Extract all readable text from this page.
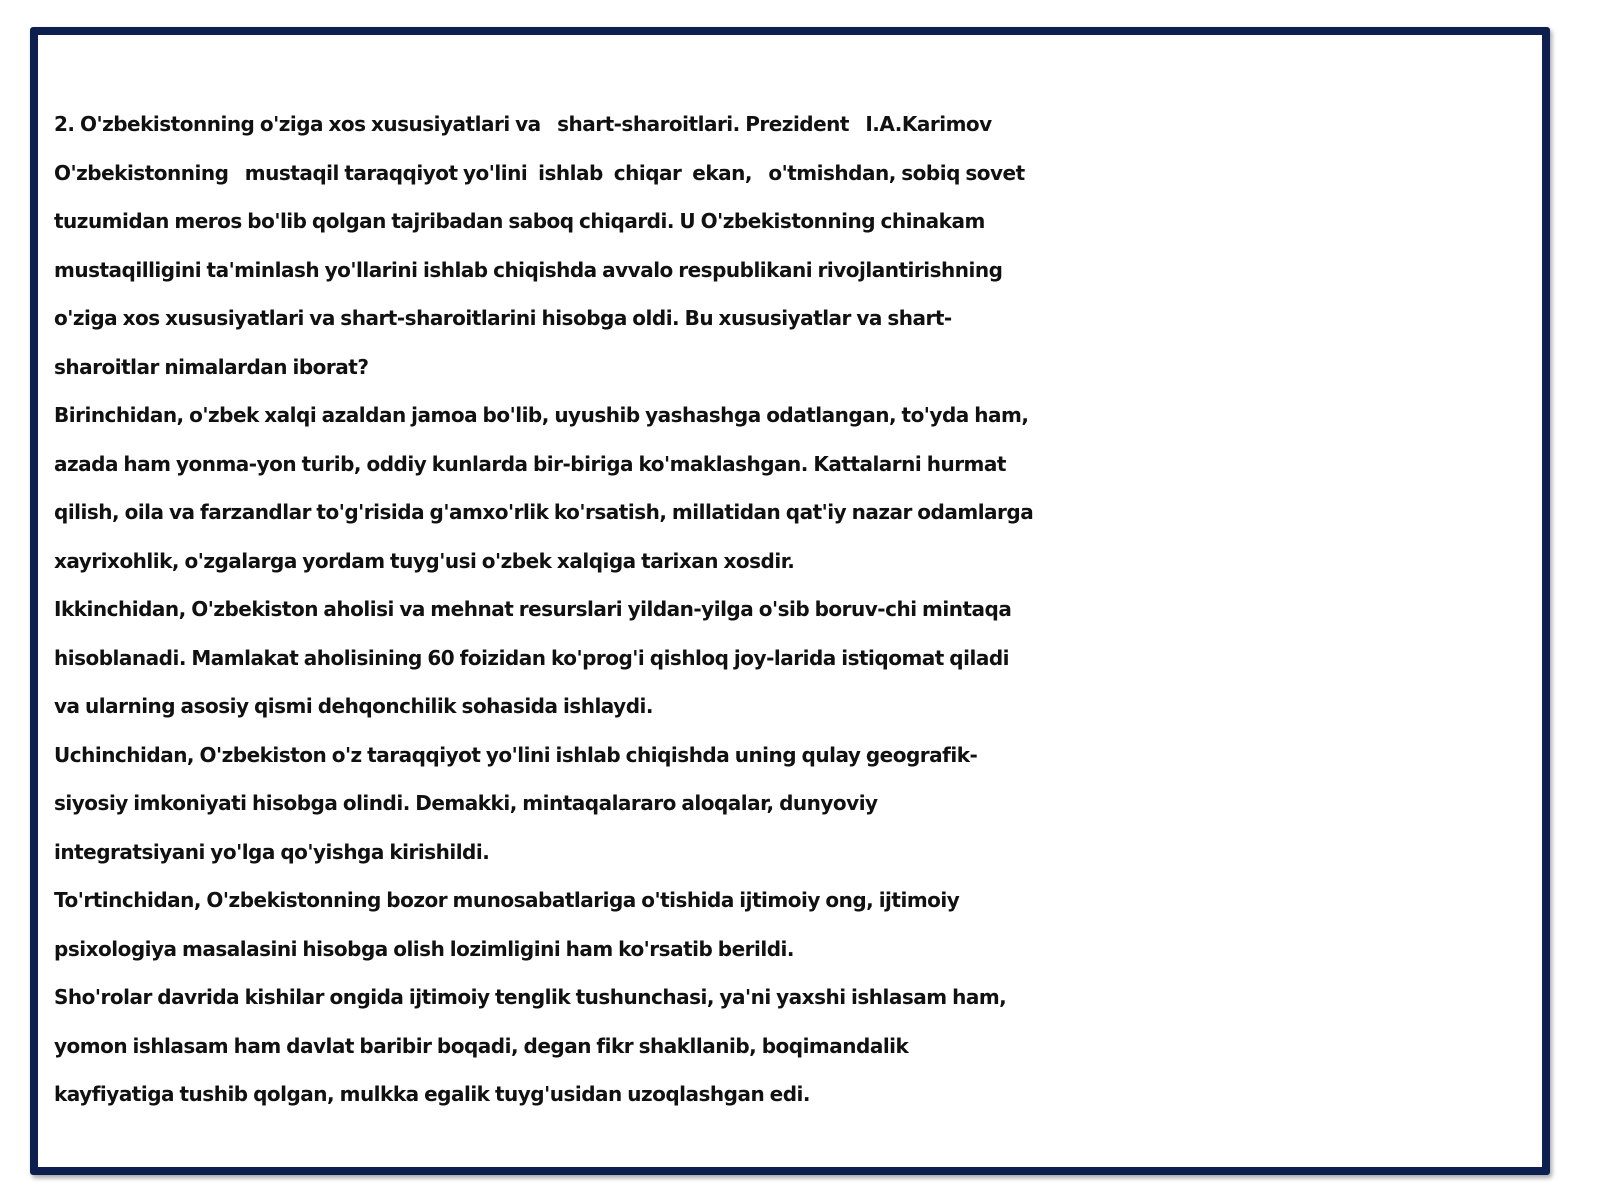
2. O'zbekistonning o'ziga xos xususiyatlari va   shart-sharoitlari. Prezident   I.A.Karimov
O'zbekistonning   mustaqil taraqqiyot yo'lini  ishlab  chiqar  ekan,   o'tmishdan, sobiq sovet
tuzumidan meros bo'lib qolgan tajribadan saboq chiqardi. U O'zbekistonning chinakam
mustaqilligini ta'minlash yo'llarini ishlab chiqishda avvalo respublikani rivojlantirishning
o'ziga xos xususiyatlari va shart-sharoitlarini hisobga oldi. Bu xususiyatlar va shart-
sharoitlar nimalardan iborat?
Birinchidan, o'zbek xalqi azaldan jamoa bo'lib, uyushib yashashga odatlangan, to'yda ham,
azada ham yonma-yon turib, oddiy kunlarda bir-biriga ko'maklashgan. Kattalarni hurmat
qilish, oila va farzandlar to'g'risida g'amxo'rlik ko'rsatish, millatidan qat'iy nazar odamlarga
xayrixohlik, o'zgalarga yordam tuyg'usi o'zbek xalqiga tarixan xosdir.
Ikkinchidan, O'zbekiston aholisi va mehnat resurslari yildan-yilga o'sib boruv-chi mintaqa
hisoblanadi. Mamlakat aholisining 60 foizidan ko'prog'i qishloq joy-larida istiqomat qiladi
va ularning asosiy qismi dehqonchilik sohasida ishlaydi.
Uchinchidan, O'zbekiston o'z taraqqiyot yo'lini ishlab chiqishda uning qulay geografik-
siyosiy imkoniyati hisobga olindi. Demakki, mintaqalararo aloqalar, dunyoviy
integratsiyani yo'lga qo'yishga kirishildi.
To'rtinchidan, O'zbekistonning bozor munosabatlariga o'tishida ijtimoiy ong, ijtimoiy
psixologiya masalasini hisobga olish lozimligini ham ko'rsatib berildi.
Sho'rolar davrida kishilar ongida ijtimoiy tenglik tushunchasi, ya'ni yaxshi ishlasam ham,
yomon ishlasam ham davlat baribir boqadi, degan fikr shakllanib, boqimandalik
kayfiyatiga tushib qolgan, mulkka egalik tuyg'usidan uzoqlashgan edi.
